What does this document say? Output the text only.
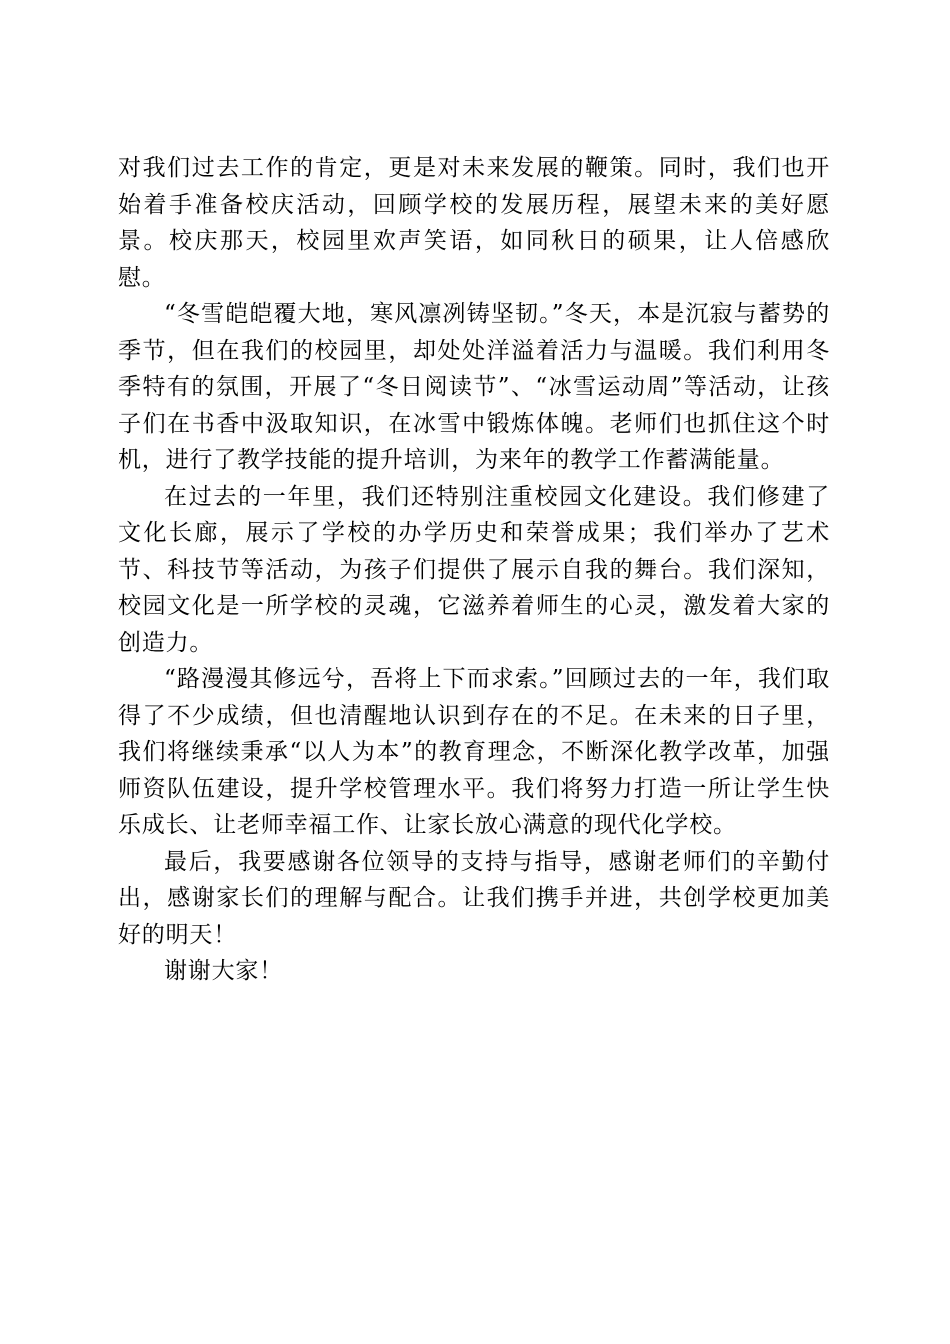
对我们过去工作的肯定，更是对未来发展的鞭策。同时，我们也开始着手准备校庆活动，回顾学校的发展历程，展望未来的美好愿景。校庆那天，校园里欢声笑语，如同秋日的硕果，让人倍感欣慰。

“冬雪皑皑覆大地，寒风凛冽铸坚韧。”冬天，本是沉寂与蓄势的季节，但在我们的校园里，却处处洋溢着活力与温暖。我们利用冬季特有的氛围，开展了“冬日阅读节”、“冰雪运动周”等活动，让孩子们在书香中汲取知识，在冰雪中锻炼体魄。老师们也抓住这个时机，进行了教学技能的提升培训，为来年的教学工作蓄满能量。

在过去的一年里，我们还特别注重校园文化建设。我们修建了文化长廊，展示了学校的办学历史和荣誉成果；我们举办了艺术节、科技节等活动，为孩子们提供了展示自我的舞台。我们深知，校园文化是一所学校的灵魂，它滋养着师生的心灵，激发着大家的创造力。

“路漫漫其修远兮，吾将上下而求索。”回顾过去的一年，我们取得了不少成绩，但也清醒地认识到存在的不足。在未来的日子里，我们将继续秉承“以人为本”的教育理念，不断深化教学改革，加强师资队伍建设，提升学校管理水平。我们将努力打造一所让学生快乐成长、让老师幸福工作、让家长放心满意的现代化学校。

最后，我要感谢各位领导的支持与指导，感谢老师们的辛勤付出，感谢家长们的理解与配合。让我们携手并进，共创学校更加美好的明天！

谢谢大家！
